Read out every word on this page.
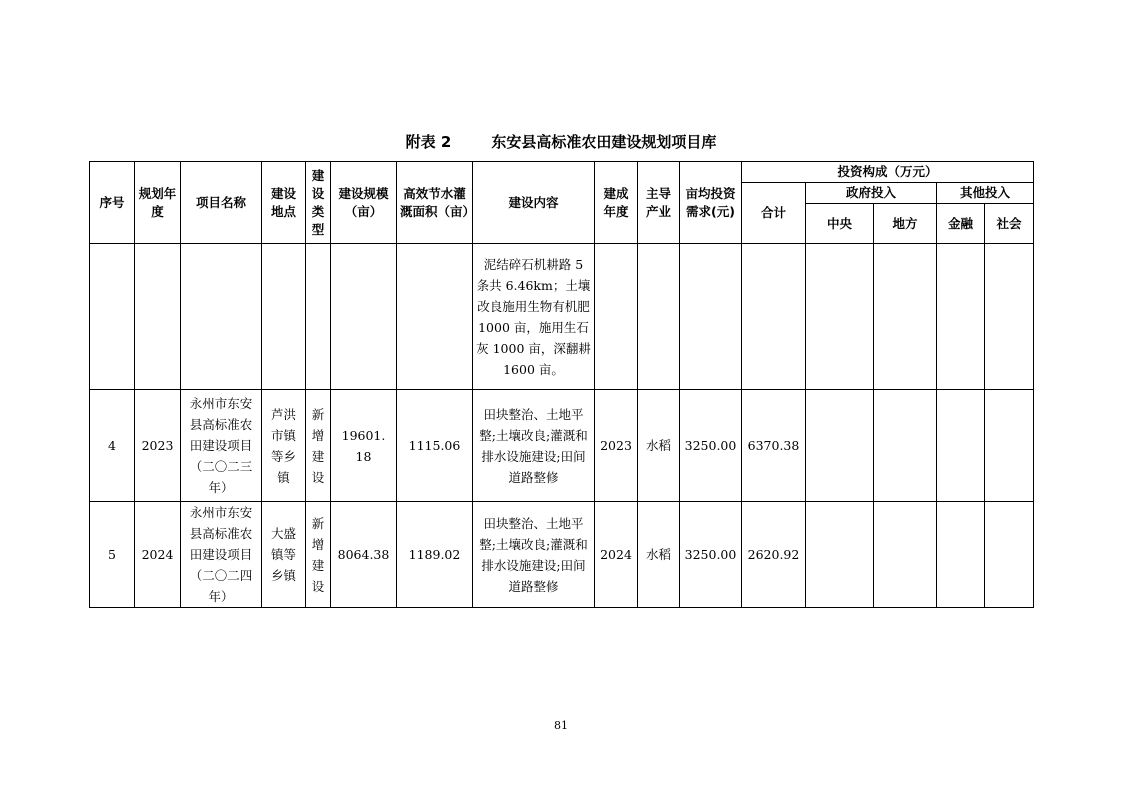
附表 2	东安县高标准农田建设规划项目库
序号	规划年度	项目名称	建设地点	建设类型	建设规模（亩）	高效节水灌溉面积（亩）	建设内容	建成年度	主导产业	亩均投资需求(元)	投资构成（万元）				
											合计	政府投入		其他投入	
												中央	地方	金融	社会
							泥结碎石机耕路 5 条共 6.46km；土壤改良施用生物有机肥 1000 亩，施用生石灰 1000 亩，深翻耕 1600 亩。								
4	2023	永州市东安县高标准农田建设项目（二〇二三年）	芦洪市镇等乡镇	新增建设	19601.18	1115.06	田块整治、土地平整;土壤改良;灌溉和排水设施建设;田间道路整修	2023	水稻	3250.00	6370.38				
5	2024	永州市东安县高标准农田建设项目（二〇二四年）	大盛镇等乡镇	新增建设	8064.38	1189.02	田块整治、土地平整;土壤改良;灌溉和排水设施建设;田间道路整修	2024	水稻	3250.00	2620.92				
81
